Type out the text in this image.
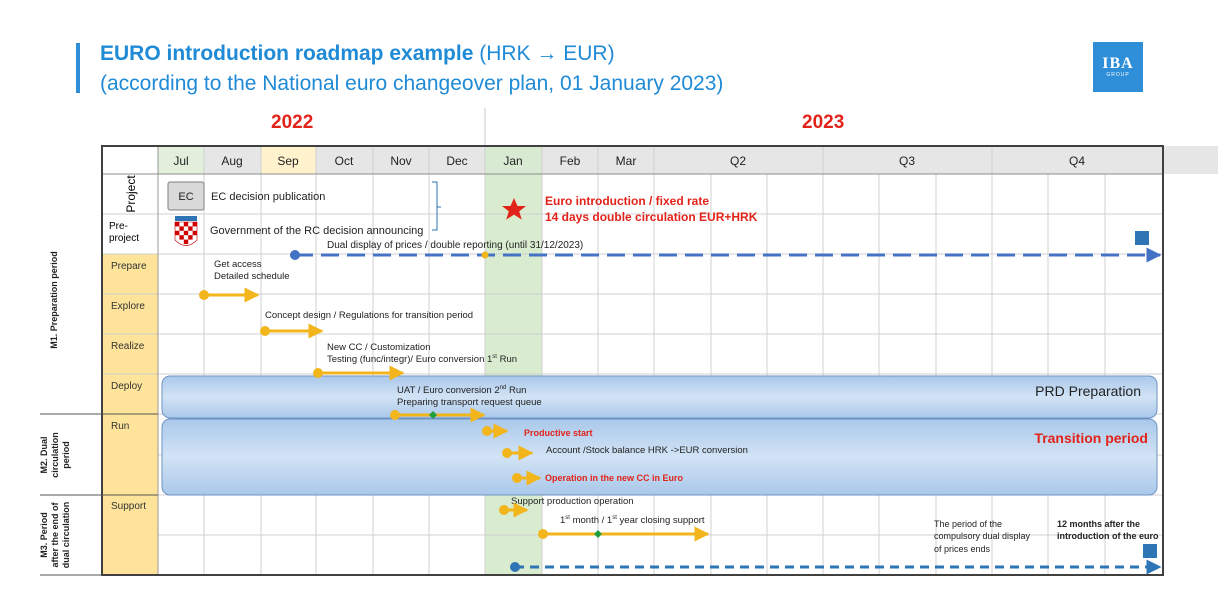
EURO introduction roadmap example (HRK → EUR)
(according to the National euro changeover plan, 01 January 2023)
IBA
GROUP
2022	2023
Jul	Aug	Sep	Oct	Nov	Dec	Jan	Feb	Mar	Q2	Q3	Q4
M1. Preparation period
M2. Dualcirculationperiod
M3. Periodafter the end ofdual circulation
Project
Pre-project
Prepare
Explore
Realize
Deploy
Run
Support
PRD Preparation
Transition period
EC EC decision publication
Government of the RC decision announcing
Euro introduction / fixed rate
14 days double circulation EUR+HRK
Dual display of prices / double reporting (until 31/12/2023)
Get access
Detailed schedule
Concept design / Regulations for transition period
New CC / Customization
Testing (func/integr)/ Euro conversion 1st Run
UAT / Euro conversion 2nd Run
Preparing transport request queue
Productive start
Account /Stock balance HRK ->EUR conversion
Operation in the new CC in Euro
Support production operation
1st month / 1st year closing support	The period of the
compulsory dual display
of prices ends
12 months after the
introduction of the euro
